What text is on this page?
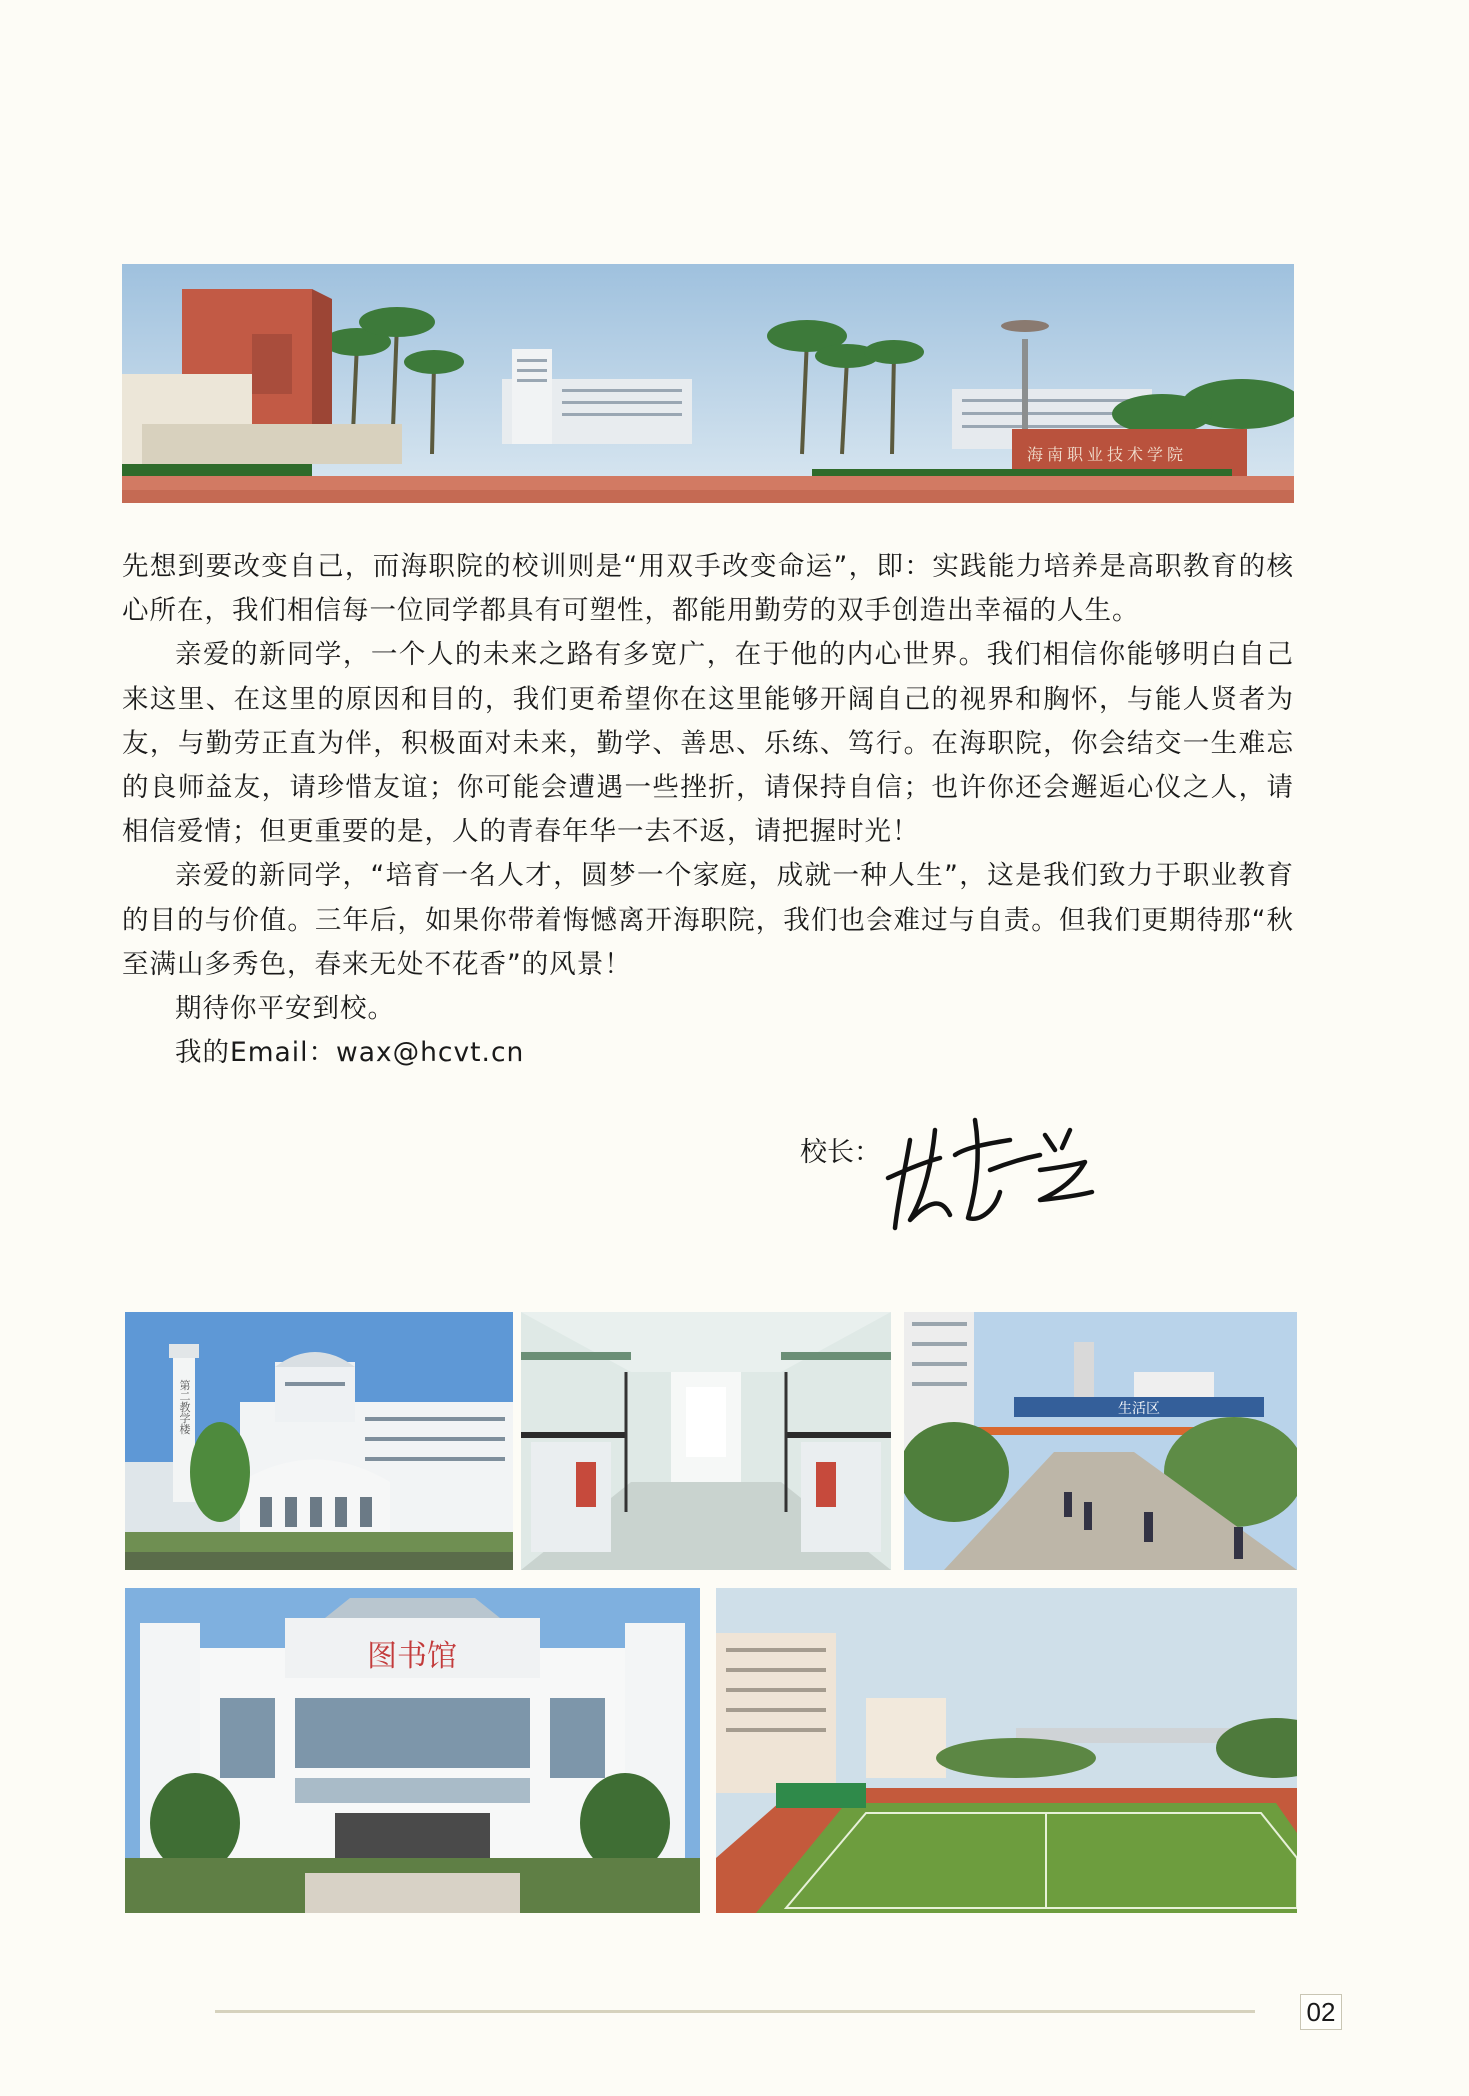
海 南 职 业 技 术 学 院

先想到要改变自己，而海职院的校训则是“用双手改变命运”，即：实践能力培养是高职教育的核心所在，我们相信每一位同学都具有可塑性，都能用勤劳的双手创造出幸福的人生。

亲爱的新同学，一个人的未来之路有多宽广，在于他的内心世界。我们相信你能够明白自己来这里、在这里的原因和目的，我们更希望你在这里能够开阔自己的视界和胸怀，与能人贤者为友，与勤劳正直为伴，积极面对未来，勤学、善思、乐练、笃行。在海职院，你会结交一生难忘的良师益友，请珍惜友谊；你可能会遭遇一些挫折，请保持自信；也许你还会邂逅心仪之人，请相信爱情；但更重要的是，人的青春年华一去不返，请把握时光！

亲爱的新同学，“培育一名人才，圆梦一个家庭，成就一种人生”，这是我们致力于职业教育的目的与价值。三年后，如果你带着悔憾离开海职院，我们也会难过与自责。但我们更期待那“秋至满山多秀色，春来无处不花香”的风景！

期待你平安到校。

我的Email：wax@hcvt.cn

校长：
第二教学楼	生活区
图书馆
02
